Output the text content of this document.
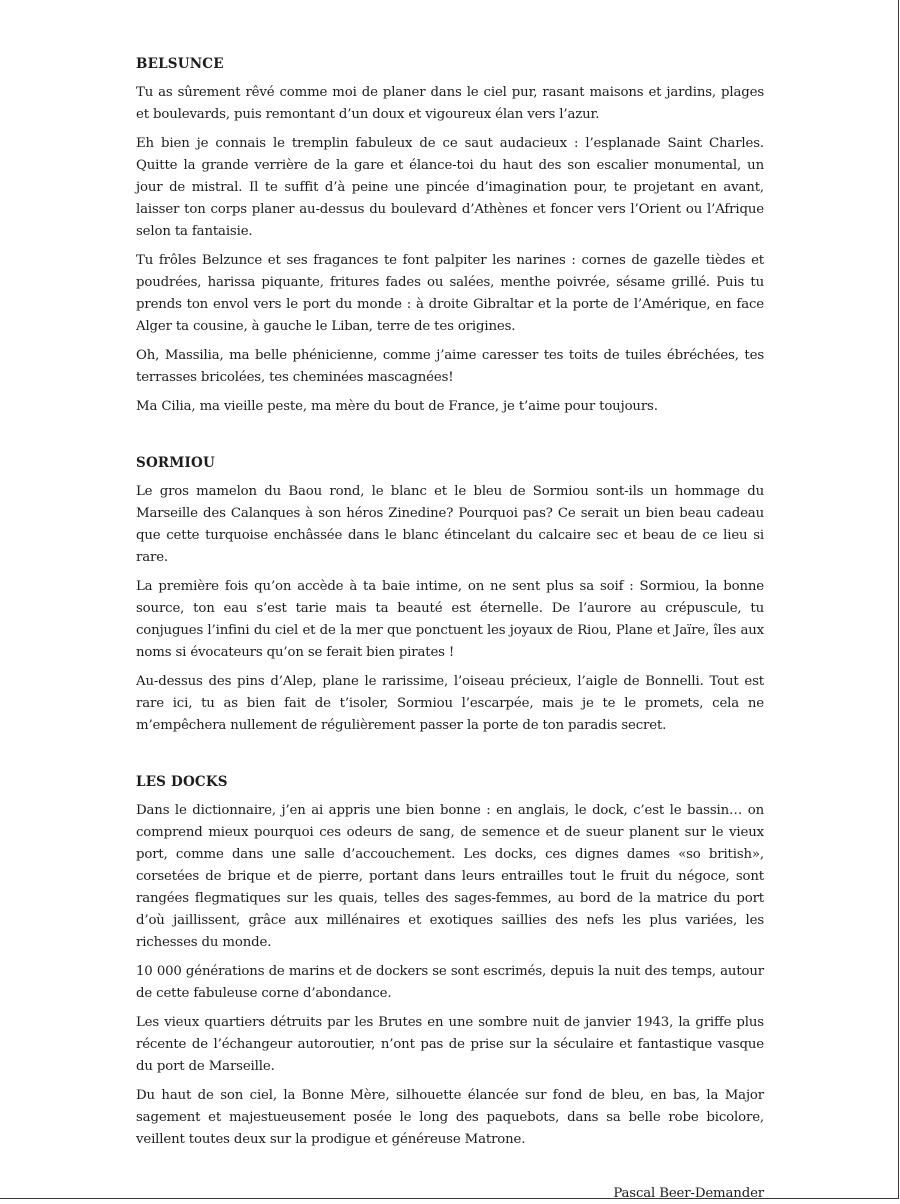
BELSUNCE

Tu as sûrement rêvé comme moi de planer dans le ciel pur, rasant maisons et jardins, plages et boulevards, puis remontant d’un doux et vigoureux élan vers l’azur.

Eh bien je connais le tremplin fabuleux de ce saut audacieux : l’esplanade Saint Charles. Quitte la grande verrière de la gare et élance-toi du haut des son escalier monumental, un jour de mistral. Il te suffit d’à peine une pincée d’imagination pour, te projetant en avant, laisser ton corps planer au-dessus du boulevard d’Athènes et foncer vers l’Orient ou l’Afrique selon ta fantaisie.

Tu frôles Belzunce et ses fragances te font palpiter les narines : cornes de gazelle tièdes et poudrées, harissa piquante, fritures fades ou salées, menthe poivrée, sésame grillé. Puis tu prends ton envol vers le port du monde : à droite Gibraltar et la porte de l’Amérique, en face Alger ta cousine, à gauche le Liban, terre de tes origines.

Oh, Massilia, ma belle phénicienne, comme j’aime caresser tes toits de tuiles ébréchées, tes terrasses bricolées, tes cheminées mascagnées!

Ma Cilia, ma vieille peste, ma mère du bout de France, je t’aime pour toujours.

SORMIOU

Le gros mamelon du Baou rond, le blanc et le bleu de Sormiou sont-ils un hommage du Marseille des Calanques à son héros Zinedine? Pourquoi pas? Ce serait un bien beau cadeau que cette turquoise enchâssée dans le blanc étincelant du calcaire sec et beau de ce lieu si rare.

La première fois qu’on accède à ta baie intime, on ne sent plus sa soif : Sormiou, la bonne source, ton eau s’est tarie mais ta beauté est éternelle. De l’aurore au crépuscule, tu conjugues l’infini du ciel et de la mer que ponctuent les joyaux de Riou, Plane et Jaïre, îles aux noms si évocateurs qu’on se ferait bien pirates !

Au-dessus des pins d’Alep, plane le rarissime, l’oiseau précieux, l’aigle de Bonnelli. Tout est rare ici, tu as bien fait de t’isoler, Sormiou l’escarpée, mais je te le promets, cela ne m’empêchera nullement de régulièrement passer la porte de ton paradis secret.

LES DOCKS

Dans le dictionnaire, j’en ai appris une bien bonne : en anglais, le dock, c’est le bassin… on comprend mieux pourquoi ces odeurs de sang, de semence et de sueur planent sur le vieux port, comme dans une salle d’accouchement. Les docks, ces dignes dames «so british», corsetées de brique et de pierre, portant dans leurs entrailles tout le fruit du négoce, sont rangées flegmatiques sur les quais, telles des sages-femmes, au bord de la matrice du port d’où jaillissent, grâce aux millénaires et exotiques saillies des nefs les plus variées, les richesses du monde.

10 000 générations de marins et de dockers se sont escrimés, depuis la nuit des temps, autour de cette fabuleuse corne d’abondance.

Les vieux quartiers détruits par les Brutes en une sombre nuit de janvier 1943, la griffe plus récente de l’échangeur autoroutier, n’ont pas de prise sur la séculaire et fantastique vasque du port de Marseille.

Du haut de son ciel, la Bonne Mère, silhouette élancée sur fond de bleu, en bas, la Major sagement et majestueusement posée le long des paquebots, dans sa belle robe bicolore, veillent toutes deux sur la prodigue et généreuse Matrone.

Pascal Beer-Demander
